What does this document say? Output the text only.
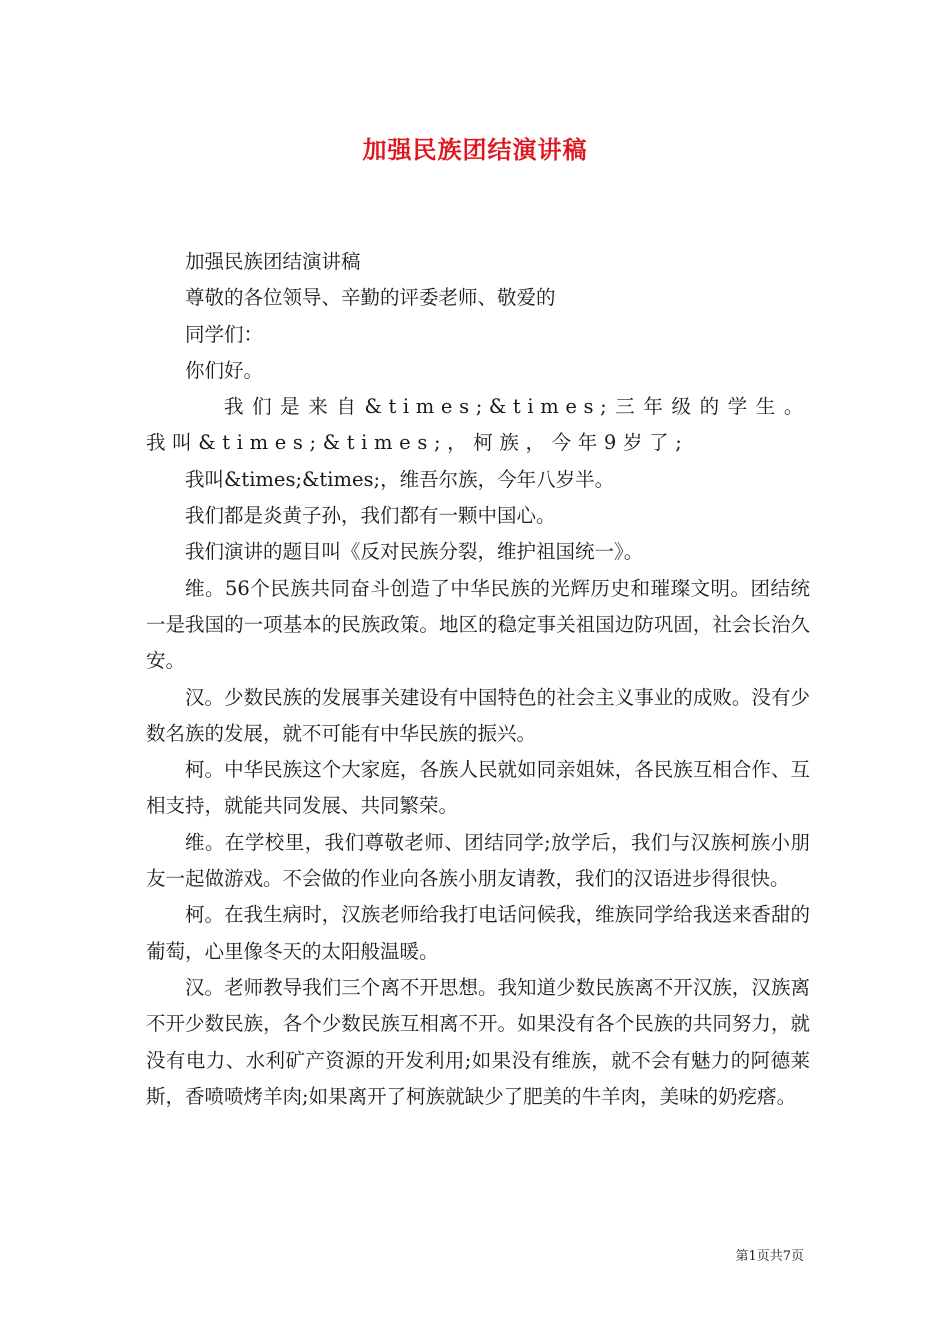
加强民族团结演讲稿

加强民族团结演讲稿

尊敬的各位领导、辛勤的评委老师、敬爱的

同学们：

你们好。

我们是来自&times;&times;三年级的学生。我叫&times;&times;，柯族，今年9岁了;

我叫&times;&times;，维吾尔族，今年八岁半。

我们都是炎黄子孙，我们都有一颗中国心。

我们演讲的题目叫《反对民族分裂，维护祖国统一》。

维。56个民族共同奋斗创造了中华民族的光辉历史和璀璨文明。团结统一是我国的一项基本的民族政策。地区的稳定事关祖国边防巩固，社会长治久安。

汉。少数民族的发展事关建设有中国特色的社会主义事业的成败。没有少数名族的发展，就不可能有中华民族的振兴。

柯。中华民族这个大家庭，各族人民就如同亲姐妹，各民族互相合作、互相支持，就能共同发展、共同繁荣。

维。在学校里，我们尊敬老师、团结同学;放学后，我们与汉族柯族小朋友一起做游戏。不会做的作业向各族小朋友请教，我们的汉语进步得很快。

柯。在我生病时，汉族老师给我打电话问候我，维族同学给我送来香甜的葡萄，心里像冬天的太阳般温暖。

汉。老师教导我们三个离不开思想。我知道少数民族离不开汉族，汉族离不开少数民族，各个少数民族互相离不开。如果没有各个民族的共同努力，就没有电力、水利矿产资源的开发利用;如果没有维族，就不会有魅力的阿德莱斯，香喷喷烤羊肉;如果离开了柯族就缺少了肥美的牛羊肉，美味的奶疙瘩。

第1页共7页
